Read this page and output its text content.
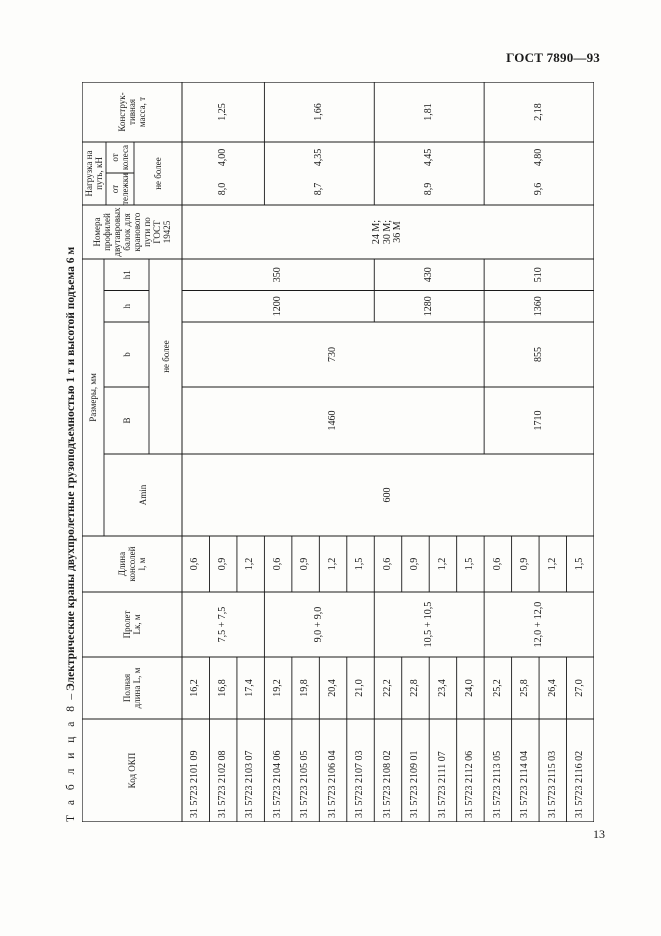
ГОСТ 7890—93
13
Т а б л и ц а 8 – Электрические краны двухпролетные грузоподъемностью 1 т и высотой подъема 6 м
Код ОКП
Полная длина L, м
Пролет Lк, м
Длина консолей l, м
Размеры, мм
Amin
B
b
h
не более
Номера профилей двутавровых балок для кранового пути по ГОСТ 19425
Нагрузка на путь, кН от тележки
от колеса	не более
Конструк- тивная масса, т
h1
31 5723 2101 09
16,2
0,6
31 5723 2102 08
16,8
0,9
31 5723 2103 07
17,4
1,2
31 5723 2104 06
19,2
0,6
31 5723 2105 05
19,8
0,9
31 5723 2106 04
20,4
1,2
31 5723 2107 03
21,0
1,5
31 5723 2108 02
22,2
0,6
31 5723 2109 01
22,8
0,9
31 5723 2111 07
23,4
1,2
31 5723 2112 06
24,0
1,5
31 5723 2113 05
25,2
0,6
31 5723 2114 04
25,8
0,9
31 5723 2115 03
26,4
1,2
31 5723 2116 02
27,0
1,5
7,5 + 7,5
8,0
4,00
1,25
9,0 + 9,0
8,7
4,35
1,66
10,5 + 10,5
8,9
4,45
1,81
12,0 + 12,0
9,6
4,80
2,18
600
1460
730
1710
855
1200
350
1280
430
1360
510
24 М; 30 М; 36 М
